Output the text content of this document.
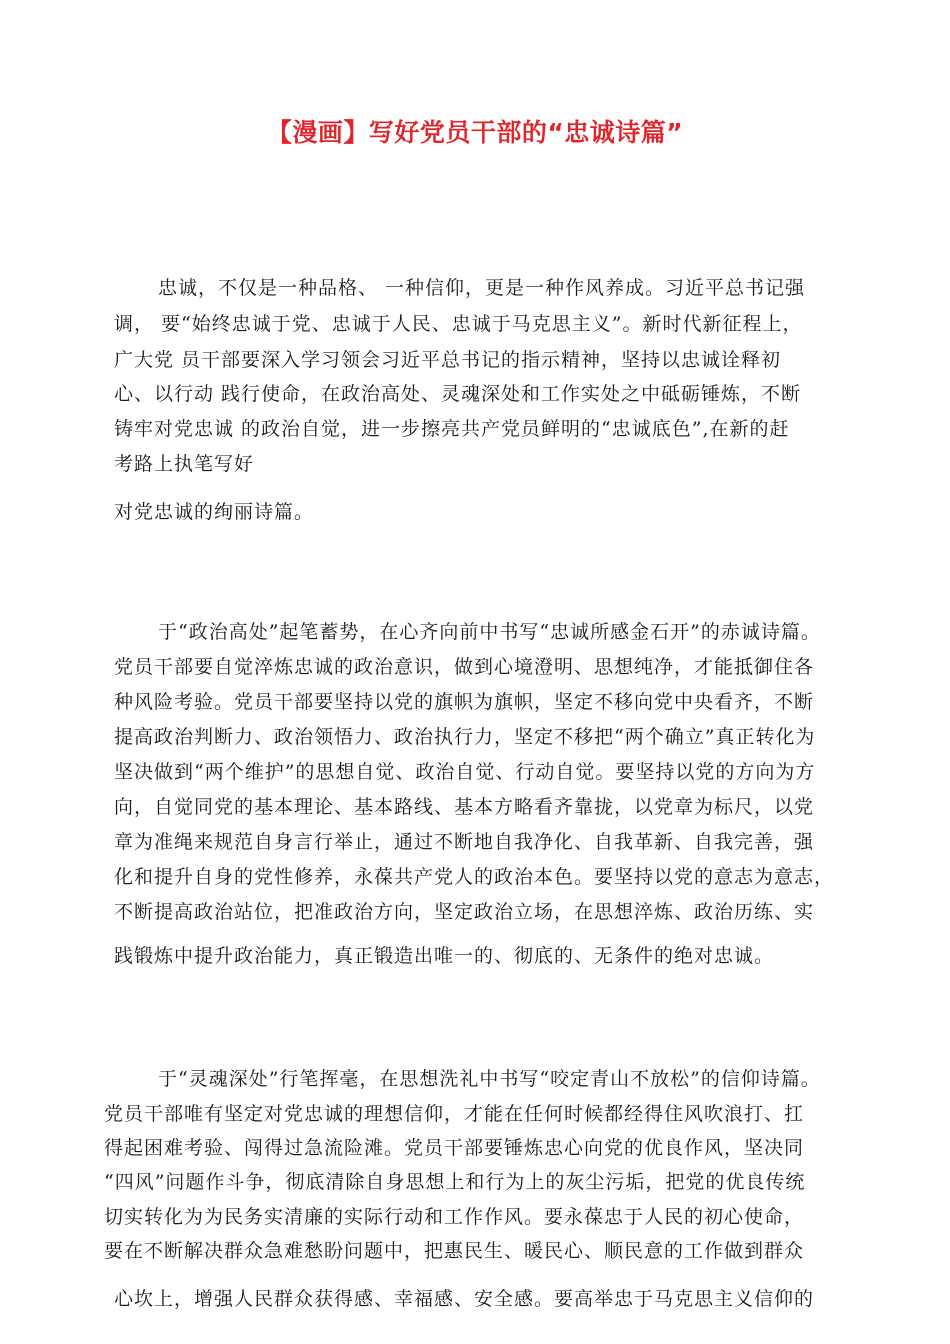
【漫画】写好党员干部的“忠诚诗篇”
忠诚，不仅是一种品格、 一种信仰，更是一种作风养成。习近平总书记强
调， 要“始终忠诚于党、忠诚于人民、忠诚于马克思主义”。新时代新征程上，
广大党 员干部要深入学习领会习近平总书记的指示精神，坚持以忠诚诠释初
心、以行动 践行使命，在政治高处、灵魂深处和工作实处之中砥砺锤炼，不断
铸牢对党忠诚 的政治自觉，进一步擦亮共产党员鲜明的“忠诚底色”,在新的赶
考路上执笔写好
对党忠诚的绚丽诗篇。
于“政治高处”起笔蓄势，在心齐向前中书写“忠诚所感金石开”的赤诚诗篇。
党员干部要自觉淬炼忠诚的政治意识，做到心境澄明、思想纯净，才能抵御住各
种风险考验。党员干部要坚持以党的旗帜为旗帜，坚定不移向党中央看齐，不断
提高政治判断力、政治领悟力、政治执行力，坚定不移把“两个确立”真正转化为
坚决做到“两个维护”的思想自觉、政治自觉、行动自觉。要坚持以党的方向为方
向，自觉同党的基本理论、基本路线、基本方略看齐靠拢，以党章为标尺，以党
章为准绳来规范自身言行举止，通过不断地自我净化、自我革新、自我完善，强
化和提升自身的党性修养，永葆共产党人的政治本色。要坚持以党的意志为意志，
不断提高政治站位，把准政治方向，坚定政治立场，在思想淬炼、政治历练、实
践锻炼中提升政治能力，真正锻造出唯一的、彻底的、无条件的绝对忠诚。
于“灵魂深处”行笔挥毫，在思想洗礼中书写“咬定青山不放松”的信仰诗篇。
党员干部唯有坚定对党忠诚的理想信仰，才能在任何时候都经得住风吹浪打、扛
得起困难考验、闯得过急流险滩。党员干部要锤炼忠心向党的优良作风，坚决同
“四风”问题作斗争，彻底清除自身思想上和行为上的灰尘污垢，把党的优良传统
切实转化为为民务实清廉的实际行动和工作作风。要永葆忠于人民的初心使命，
要在不断解决群众急难愁盼问题中，把惠民生、暖民心、顺民意的工作做到群众
心坎上，增强人民群众获得感、幸福感、安全感。要高举忠于马克思主义信仰的
